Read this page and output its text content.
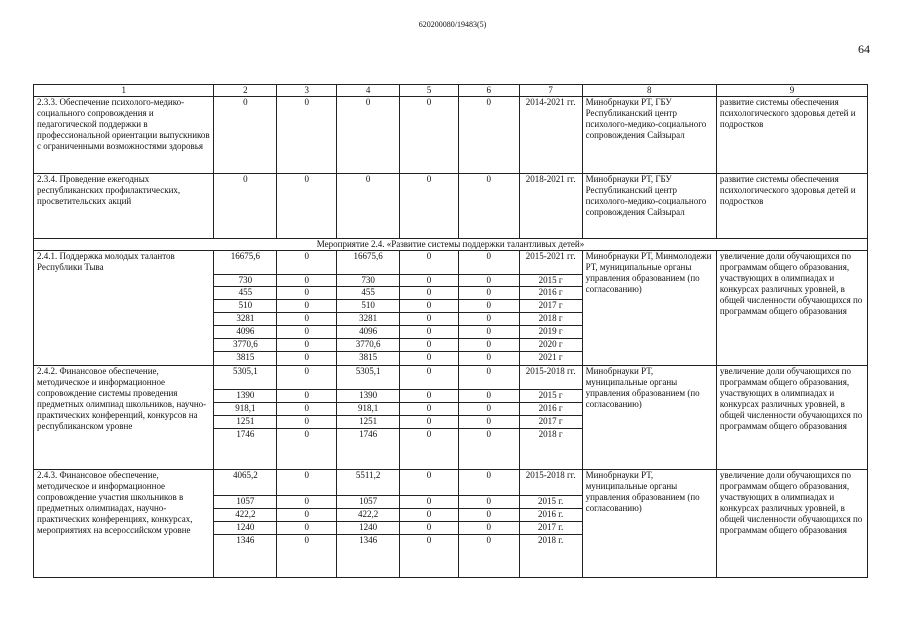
620200080/19483(5)
64
1	2	3	4	5	6	7	8	9
2.3.3. Обеспечение психолого-медико-социального сопровождения и педагогической поддержки в профессиональной ориентации выпускников с ограниченными возможностями здоровья	0	0	0	0	0	2014-2021 гг.	Минобрнауки РТ, ГБУ Республиканский центр психолого-медико-социального сопровождения Сайзырал	развитие системы обеспечения психологического здоровья детей и подростков
2.3.4. Проведение ежегодных республиканских профилактических, просветительских акций	0	0	0	0	0	2018-2021 гг.	Минобрнауки РТ, ГБУ Республиканский центр психолого-медико-социального сопровождения Сайзырал	развитие системы обеспечения психологического здоровья детей и подростков
Мероприятие 2.4. «Развитие системы поддержки талантливых детей»								
2.4.1. Поддержка молодых талантов Республики Тыва	16675,6	0	16675,6	0	0	2015-2021 гг.	Минобрнауки РТ, Минмолодежи РТ, муниципальные органы управления образованием (по согласованию)	увеличение доли обучающихся по программам общего образования, участвующих в олимпиадах и конкурсах различных уровней, в общей численности обучающихся по программам общего образования
	730	0	730	0	0	2015 г		
	455	0	455	0	0	2016 г		
	510	0	510	0	0	2017 г		
	3281	0	3281	0	0	2018 г		
	4096	0	4096	0	0	2019 г		
	3770,6	0	3770,6	0	0	2020 г		
	3815	0	3815	0	0	2021 г		
2.4.2. Финансовое обеспечение, методическое и информационное сопровождение системы проведения предметных олимпиад школьников, научно-практических конференций, конкурсов на республиканском уровне	5305,1	0	5305,1	0	0	2015-2018 гг.	Минобрнауки РТ, муниципальные органы управления образованием (по согласованию)	увеличение доли обучающихся по программам общего образования, участвующих в олимпиадах и конкурсах различных уровней, в общей численности обучающихся по программам общего образования
	1390	0	1390	0	0	2015 г		
	918,1	0	918,1	0	0	2016 г		
	1251	0	1251	0	0	2017 г		
	1746	0	1746	0	0	2018 г		
2.4.3. Финансовое обеспечение, методическое и информационное сопровождение участия школьников в предметных олимпиадах, научно-практических конференциях, конкурсах, мероприятиях на всероссийском уровне	4065,2	0	5511,2	0	0	2015-2018 гг.	Минобрнауки РТ, муниципальные органы управления образованием (по согласованию)	увеличение доли обучающихся по программам общего образования, участвующих в олимпиадах и конкурсах различных уровней, в общей численности обучающихся по программам общего образования
	1057	0	1057	0	0	2015 г.		
	422,2	0	422,2	0	0	2016 г.		
	1240	0	1240	0	0	2017 г.		
	1346	0	1346	0	0	2018 г.		
